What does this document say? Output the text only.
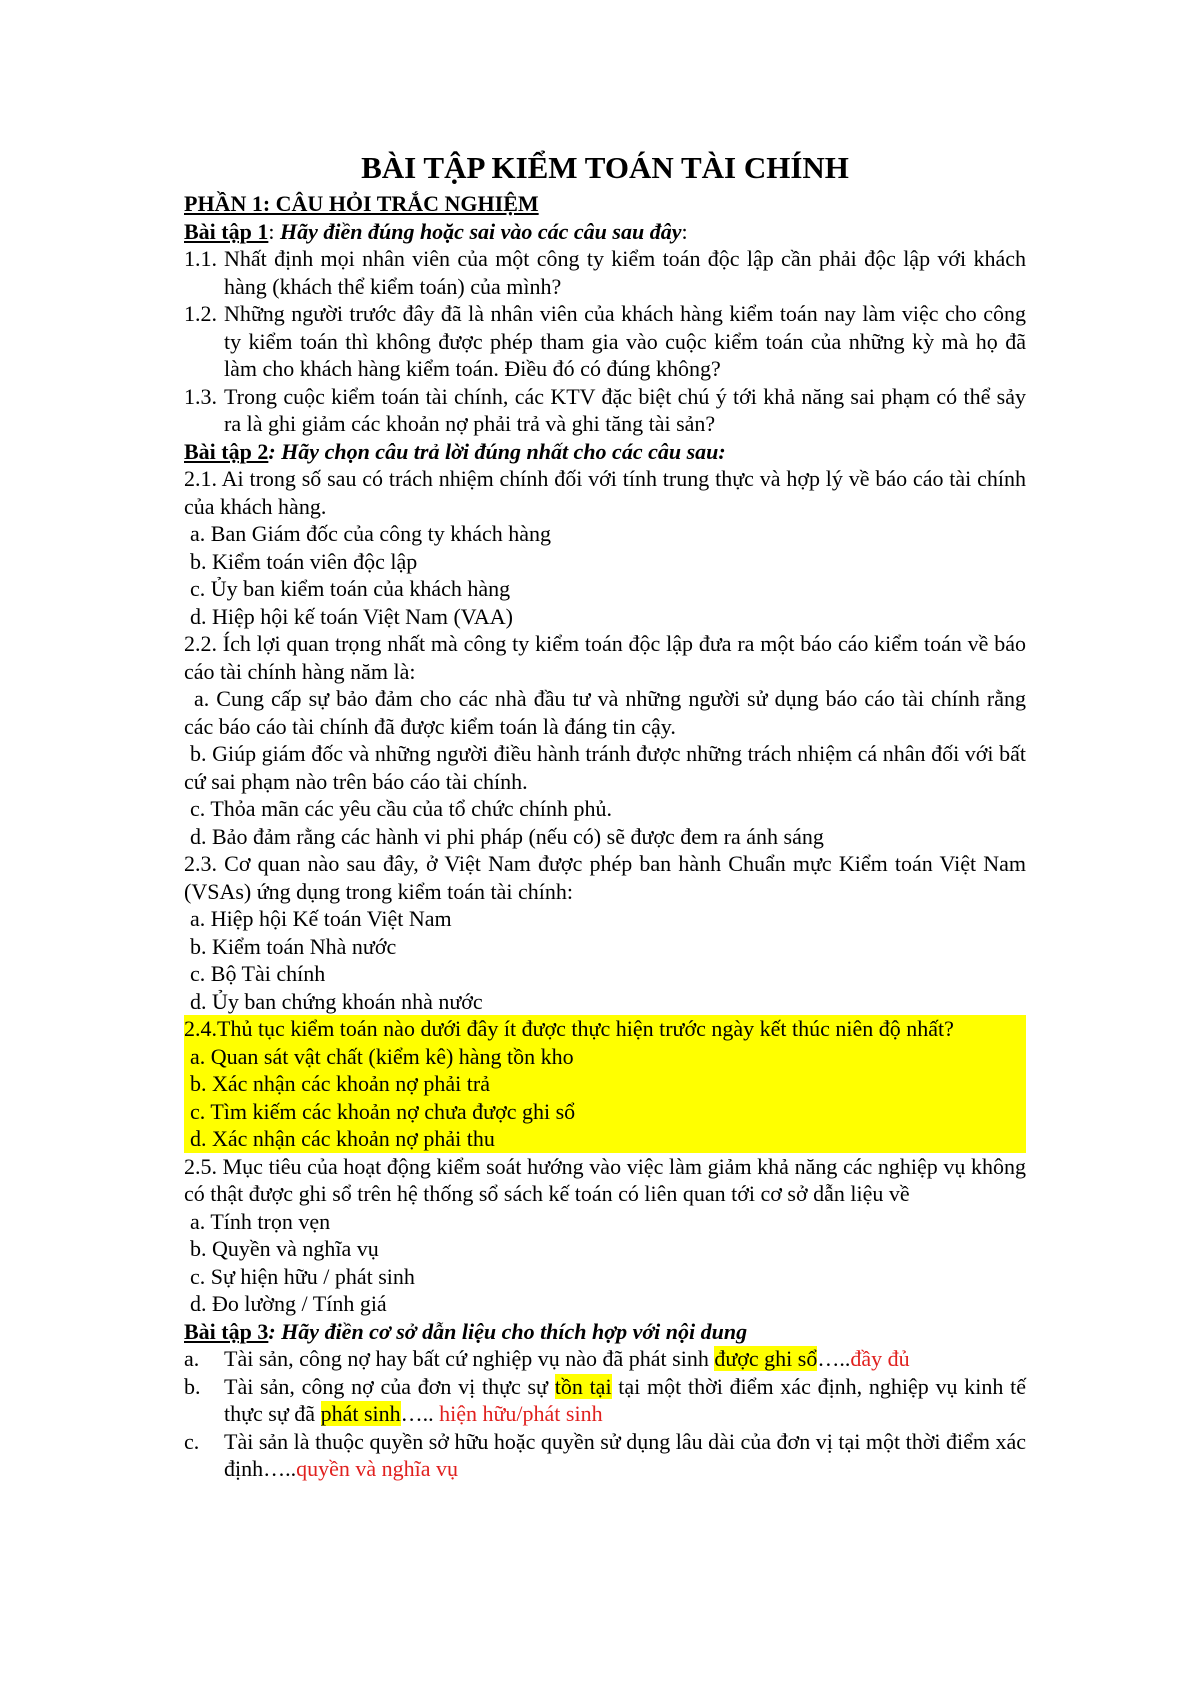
BÀI TẬP KIỂM TOÁN TÀI CHÍNH

PHẦN 1: CÂU HỎI TRẮC NGHIỆM

Bài tập 1: Hãy điền đúng hoặc sai vào các câu sau đây:

1.1. Nhất định mọi nhân viên của một công ty kiểm toán độc lập cần phải độc lập với khách hàng (khách thể kiểm toán) của mình?
1.2. Những người trước đây đã là nhân viên của khách hàng kiểm toán nay làm việc cho công ty kiểm toán thì không được phép tham gia vào cuộc kiểm toán của những kỳ mà họ đã làm cho khách hàng kiểm toán. Điều đó có đúng không?
1.3. Trong cuộc kiểm toán tài chính, các KTV đặc biệt chú ý tới khả năng sai phạm có thể sảy ra là ghi giảm các khoản nợ phải trả và ghi tăng tài sản?

Bài tập 2: Hãy chọn câu trả lời đúng nhất cho các câu sau:

2.1. Ai trong số sau có trách nhiệm chính đối với tính trung thực và hợp lý về báo cáo tài chính của khách hàng.

a. Ban Giám đốc của công ty khách hàng

b. Kiểm toán viên độc lập

c. Ủy ban kiểm toán của khách hàng

d. Hiệp hội kế toán Việt Nam (VAA)

2.2. Ích lợi quan trọng nhất mà công ty kiểm toán độc lập đưa ra một báo cáo kiểm toán về báo cáo tài chính hàng năm là:

a. Cung cấp sự bảo đảm cho các nhà đầu tư và những người sử dụng báo cáo tài chính rằng các báo cáo tài chính đã được kiểm toán là đáng tin cậy.

b. Giúp giám đốc và những người điều hành tránh được những trách nhiệm cá nhân đối với bất cứ sai phạm nào trên báo cáo tài chính.

c. Thỏa mãn các yêu cầu của tổ chức chính phủ.

d. Bảo đảm rằng các hành vi phi pháp (nếu có) sẽ được đem ra ánh sáng

2.3. Cơ quan nào sau đây, ở Việt Nam được phép ban hành Chuẩn mực Kiểm toán Việt Nam (VSAs) ứng dụng trong kiểm toán tài chính:

a. Hiệp hội Kế toán Việt Nam

b. Kiểm toán Nhà nước

c. Bộ Tài chính

d. Ủy ban chứng khoán nhà nước

2.4.Thủ tục kiểm toán nào dưới đây ít được thực hiện trước ngày kết thúc niên độ nhất?

a. Quan sát vật chất (kiểm kê) hàng tồn kho

b. Xác nhận các khoản nợ phải trả

c. Tìm kiếm các khoản nợ chưa được ghi sổ

d. Xác nhận các khoản nợ phải thu

2.5. Mục tiêu của hoạt động kiểm soát hướng vào việc làm giảm khả năng các nghiệp vụ không có thật được ghi sổ trên hệ thống sổ sách kế toán có liên quan tới cơ sở dẫn liệu về

a. Tính trọn vẹn

b. Quyền và nghĩa vụ

c. Sự hiện hữu / phát sinh

d. Đo lường / Tính giá

Bài tập 3: Hãy điền cơ sở dẫn liệu cho thích hợp với nội dung

a.	Tài sản, công nợ hay bất cứ nghiệp vụ nào đã phát sinh được ghi sổ…..đầy đủ
b.	Tài sản, công nợ của đơn vị thực sự tồn tại tại một thời điểm xác định, nghiệp vụ kinh tế thực sự đã phát sinh….. hiện hữu/phát sinh
c.	Tài sản là thuộc quyền sở hữu hoặc quyền sử dụng lâu dài của đơn vị tại một thời điểm xác định…..quyền và nghĩa vụ
